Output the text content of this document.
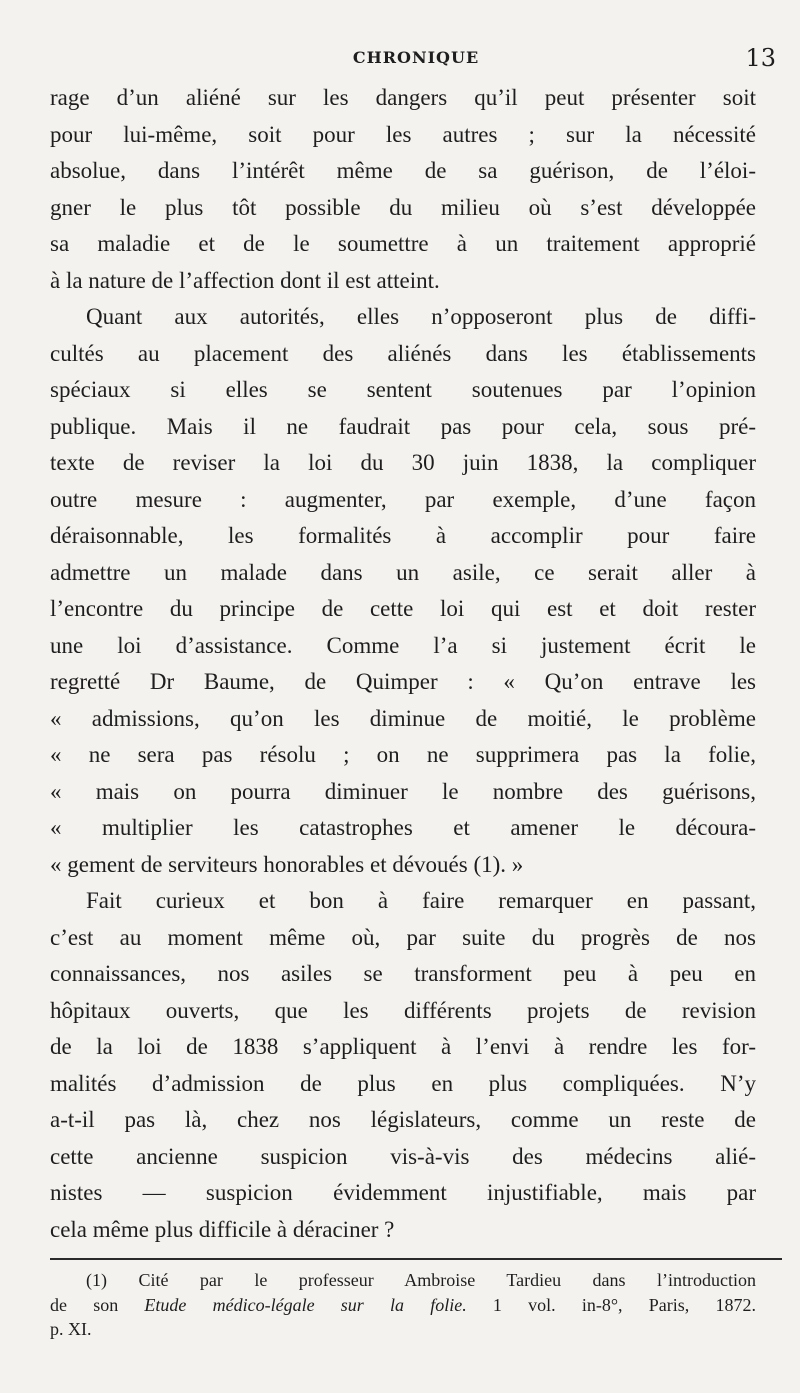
CHRONIQUE	13
rage d’un aliéné sur les dangers qu’il peut présenter soit
pour lui-même, soit pour les autres ; sur la nécessité
absolue, dans l’intérêt même de sa guérison, de l’éloi-
gner le plus tôt possible du milieu où s’est développée
sa maladie et de le soumettre à un traitement approprié
à la nature de l’affection dont il est atteint.
Quant aux autorités, elles n’opposeront plus de diffi-
cultés au placement des aliénés dans les établissements
spéciaux si elles se sentent soutenues par l’opinion
publique. Mais il ne faudrait pas pour cela, sous pré-
texte de reviser la loi du 30 juin 1838, la compliquer
outre mesure : augmenter, par exemple, d’une façon
déraisonnable, les formalités à accomplir pour faire
admettre un malade dans un asile, ce serait aller à
l’encontre du principe de cette loi qui est et doit rester
une loi d’assistance. Comme l’a si justement écrit le
regretté Dr Baume, de Quimper : « Qu’on entrave les
« admissions, qu’on les diminue de moitié, le problème
« ne sera pas résolu ; on ne supprimera pas la folie,
« mais on pourra diminuer le nombre des guérisons,
« multiplier les catastrophes et amener le découra-
« gement de serviteurs honorables et dévoués (1). »
Fait curieux et bon à faire remarquer en passant,
c’est au moment même où, par suite du progrès de nos
connaissances, nos asiles se transforment peu à peu en
hôpitaux ouverts, que les différents projets de revision
de la loi de 1838 s’appliquent à l’envi à rendre les for-
malités d’admission de plus en plus compliquées. N’y
a-t-il pas là, chez nos législateurs, comme un reste de
cette ancienne suspicion vis-à-vis des médecins alié-
nistes — suspicion évidemment injustifiable, mais par
cela même plus difficile à déraciner ?
(1) Cité par le professeur Ambroise Tardieu dans l’introduction
de son Etude médico-légale sur la folie. 1 vol. in-8°, Paris, 1872.
p. XI.
